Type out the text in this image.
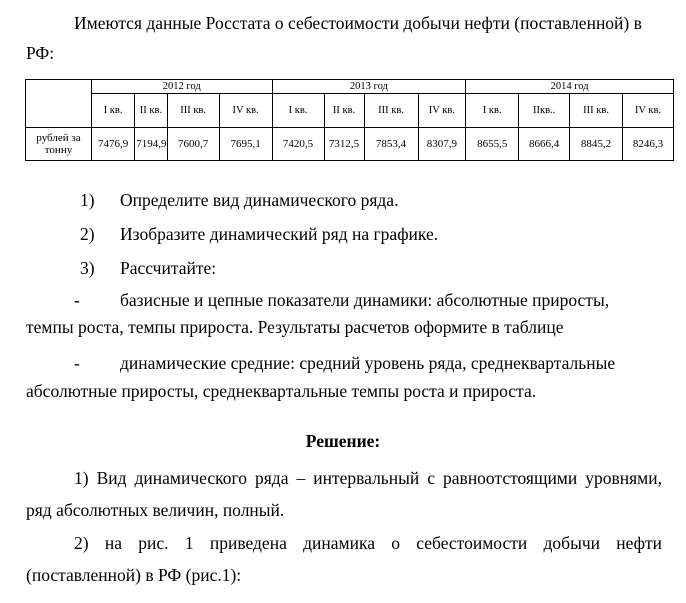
Имеются данные Росстата о себестоимости добычи нефти (поставленной) в РФ:
	2012 год				2013 год				2014 год			
	I кв.	II кв.	III кв.	IV кв.	I кв.	II кв.	III кв.	IV кв.	I кв.	IIкв..	III кв.	IV кв.
рублей за тонну	7476,9	7194,9	7600,7	7695,1	7420,5	7312,5	7853,4	8307,9	8655,5	8666,4	8845,2	8246,3
1) Определите вид динамического ряда.
2) Изобразите динамический ряд на графике.
3) Рассчитайте:
- базисные и цепные показатели динамики: абсолютные приросты,
темпы роста, темпы прироста. Результаты расчетов оформите в таблице
- динамические средние: средний уровень ряда, среднеквартальные
абсолютные приросты, среднеквартальные темпы роста и прироста.
Решение:
1) Вид динамического ряда – интервальный с равноотстоящими уровнями, ряд абсолютных величин, полный.
2) на рис. 1 приведена динамика о себестоимости добычи нефти (поставленной) в РФ (рис.1):
